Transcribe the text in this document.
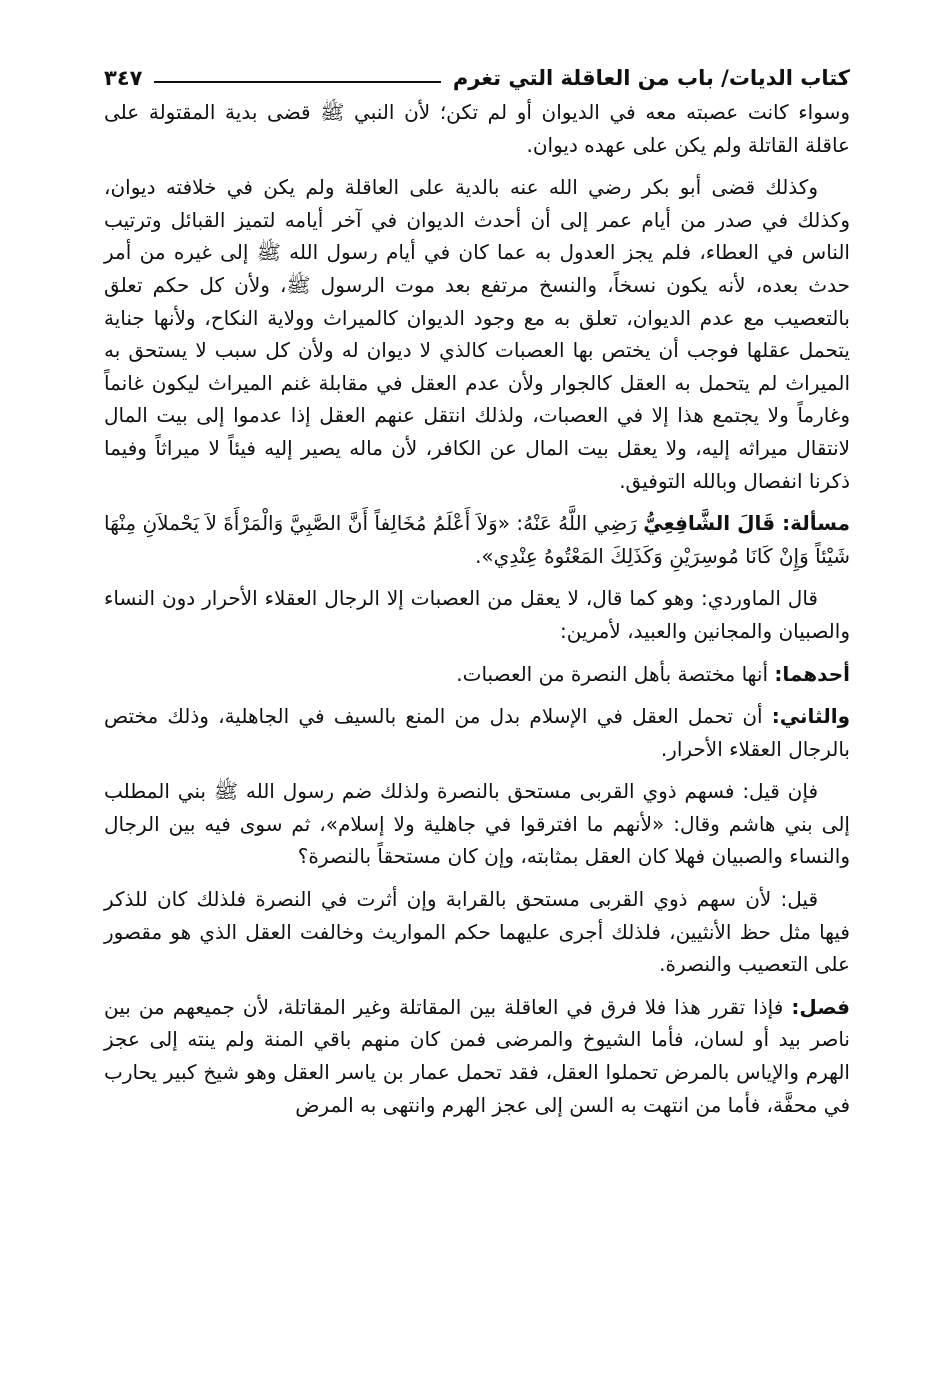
كتاب الديات/ باب من العاقلة التي تغرم
٣٤٧

وسواء كانت عصبته معه في الديوان أو لم تكن؛ لأن النبي ﷺ قضى بدية المقتولة على عاقلة القاتلة ولم يكن على عهده ديوان.

وكذلك قضى أبو بكر رضي الله عنه بالدية على العاقلة ولم يكن في خلافته ديوان، وكذلك في صدر من أيام عمر إلى أن أحدث الديوان في آخر أيامه لتميز القبائل وترتيب الناس في العطاء، فلم يجز العدول به عما كان في أيام رسول الله ﷺ إلى غيره من أمر حدث بعده، لأنه يكون نسخاً، والنسخ مرتفع بعد موت الرسول ﷺ، ولأن كل حكم تعلق بالتعصيب مع عدم الديوان، تعلق به مع وجود الديوان كالميراث وولاية النكاح، ولأنها جناية يتحمل عقلها فوجب أن يختص بها العصبات كالذي لا ديوان له ولأن كل سبب لا يستحق به الميراث لم يتحمل به العقل كالجوار ولأن عدم العقل في مقابلة غنم الميراث ليكون غانماً وغارماً ولا يجتمع هذا إلا في العصبات، ولذلك انتقل عنهم العقل إذا عدموا إلى بيت المال لانتقال ميراثه إليه، ولا يعقل بيت المال عن الكافر، لأن ماله يصير إليه فيئاً لا ميراثاً وفيما ذكرنا انفصال وبالله التوفيق.

مسألة: قَالَ الشَّافِعِيُّ رَضِي اللَّهُ عَنْهُ: «وَلاَ أَعْلَمُ مُخَالِفاً أَنَّ الصَّبِيَّ وَالْمَرْأَةَ لاَ يَحْملاَنِ مِنْهَا شَيْئاً وَإِنْ كَانَا مُوسِرَيْنِ وَكَذَلِكَ المَعْتُوهُ عِنْدِي».

قال الماوردي: وهو كما قال، لا يعقل من العصبات إلا الرجال العقلاء الأحرار دون النساء والصبيان والمجانين والعبيد، لأمرين:

أحدهما: أنها مختصة بأهل النصرة من العصبات.

والثاني: أن تحمل العقل في الإسلام بدل من المنع بالسيف في الجاهلية، وذلك مختص بالرجال العقلاء الأحرار.

فإن قيل: فسهم ذوي القربى مستحق بالنصرة ولذلك ضم رسول الله ﷺ بني المطلب إلى بني هاشم وقال: «لأنهم ما افترقوا في جاهلية ولا إسلام»، ثم سوى فيه بين الرجال والنساء والصبيان فهلا كان العقل بمثابته، وإن كان مستحقاً بالنصرة؟

قيل: لأن سهم ذوي القربى مستحق بالقرابة وإن أثرت في النصرة فلذلك كان للذكر فيها مثل حظ الأنثيين، فلذلك أجرى عليهما حكم المواريث وخالفت العقل الذي هو مقصور على التعصيب والنصرة.

فصل: فإذا تقرر هذا فلا فرق في العاقلة بين المقاتلة وغير المقاتلة، لأن جميعهم من بين ناصر بيد أو لسان، فأما الشيوخ والمرضى فمن كان منهم باقي المنة ولم ينته إلى عجز الهرم والإياس بالمرض تحملوا العقل، فقد تحمل عمار بن ياسر العقل وهو شيخ كبير يحارب في محفَّة، فأما من انتهت به السن إلى عجز الهرم وانتهى به المرض
